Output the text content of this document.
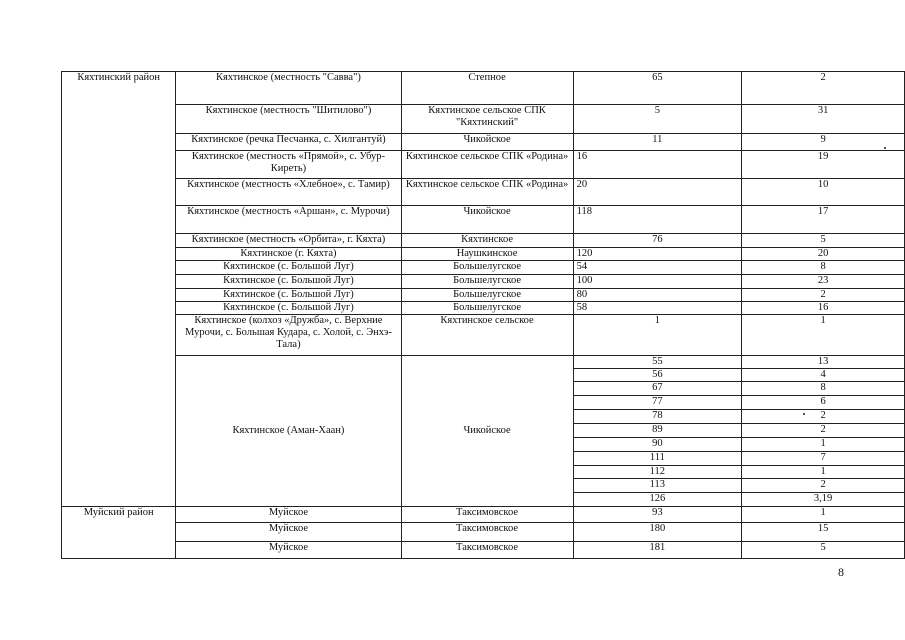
Кяхтинский район	Кяхтинское (местность "Савва")	Степное	65	2
	Кяхтинское (местность "Шитилово")	Кяхтинское сельское СПК "Кяхтинский"	5	31
	Кяхтинское (речка Песчанка, с. Хилгантуй)	Чикойское	11	9
	Кяхтинское (местность «Прямой», с. Убур-Киреть)	Кяхтинское сельское СПК «Родина»	16	19
	Кяхтинское (местность «Хлебное», с. Тамир)	Кяхтинское сельское СПК «Родина»	20	10
	Кяхтинское (местность «Аршан», с. Мурочи)	Чикойское	118	17
	Кяхтинское (местность «Орбита», г. Кяхта)	Кяхтинское	76	5
	Кяхтинское (г. Кяхта)	Наушкинское	120	20
	Кяхтинское (с. Большой Луг)	Большелугское	54	8
	Кяхтинское (с. Большой Луг)	Большелугское	100	23
	Кяхтинское (с. Большой Луг)	Большелугское	80	2
	Кяхтинское (с. Большой Луг)	Большелугское	58	16
	Кяхтинское (колхоз «Дружба», с. Верхние Мурочи, с. Большая Кудара, с. Холой, с. Энхэ-Тала)	Кяхтинское сельское	1	1
	Кяхтинское (Аман-Хаан)	Чикойское	55	13
			56	4
			67	8
			77	6
			78	2
			89	2
			90	1
			111	7
			112	1
			113	2
			126	3,19
Муйский район	Муйское	Таксимовское	93	1
	Муйское	Таксимовское	180	15
	Муйское	Таксимовское	181	5
8
